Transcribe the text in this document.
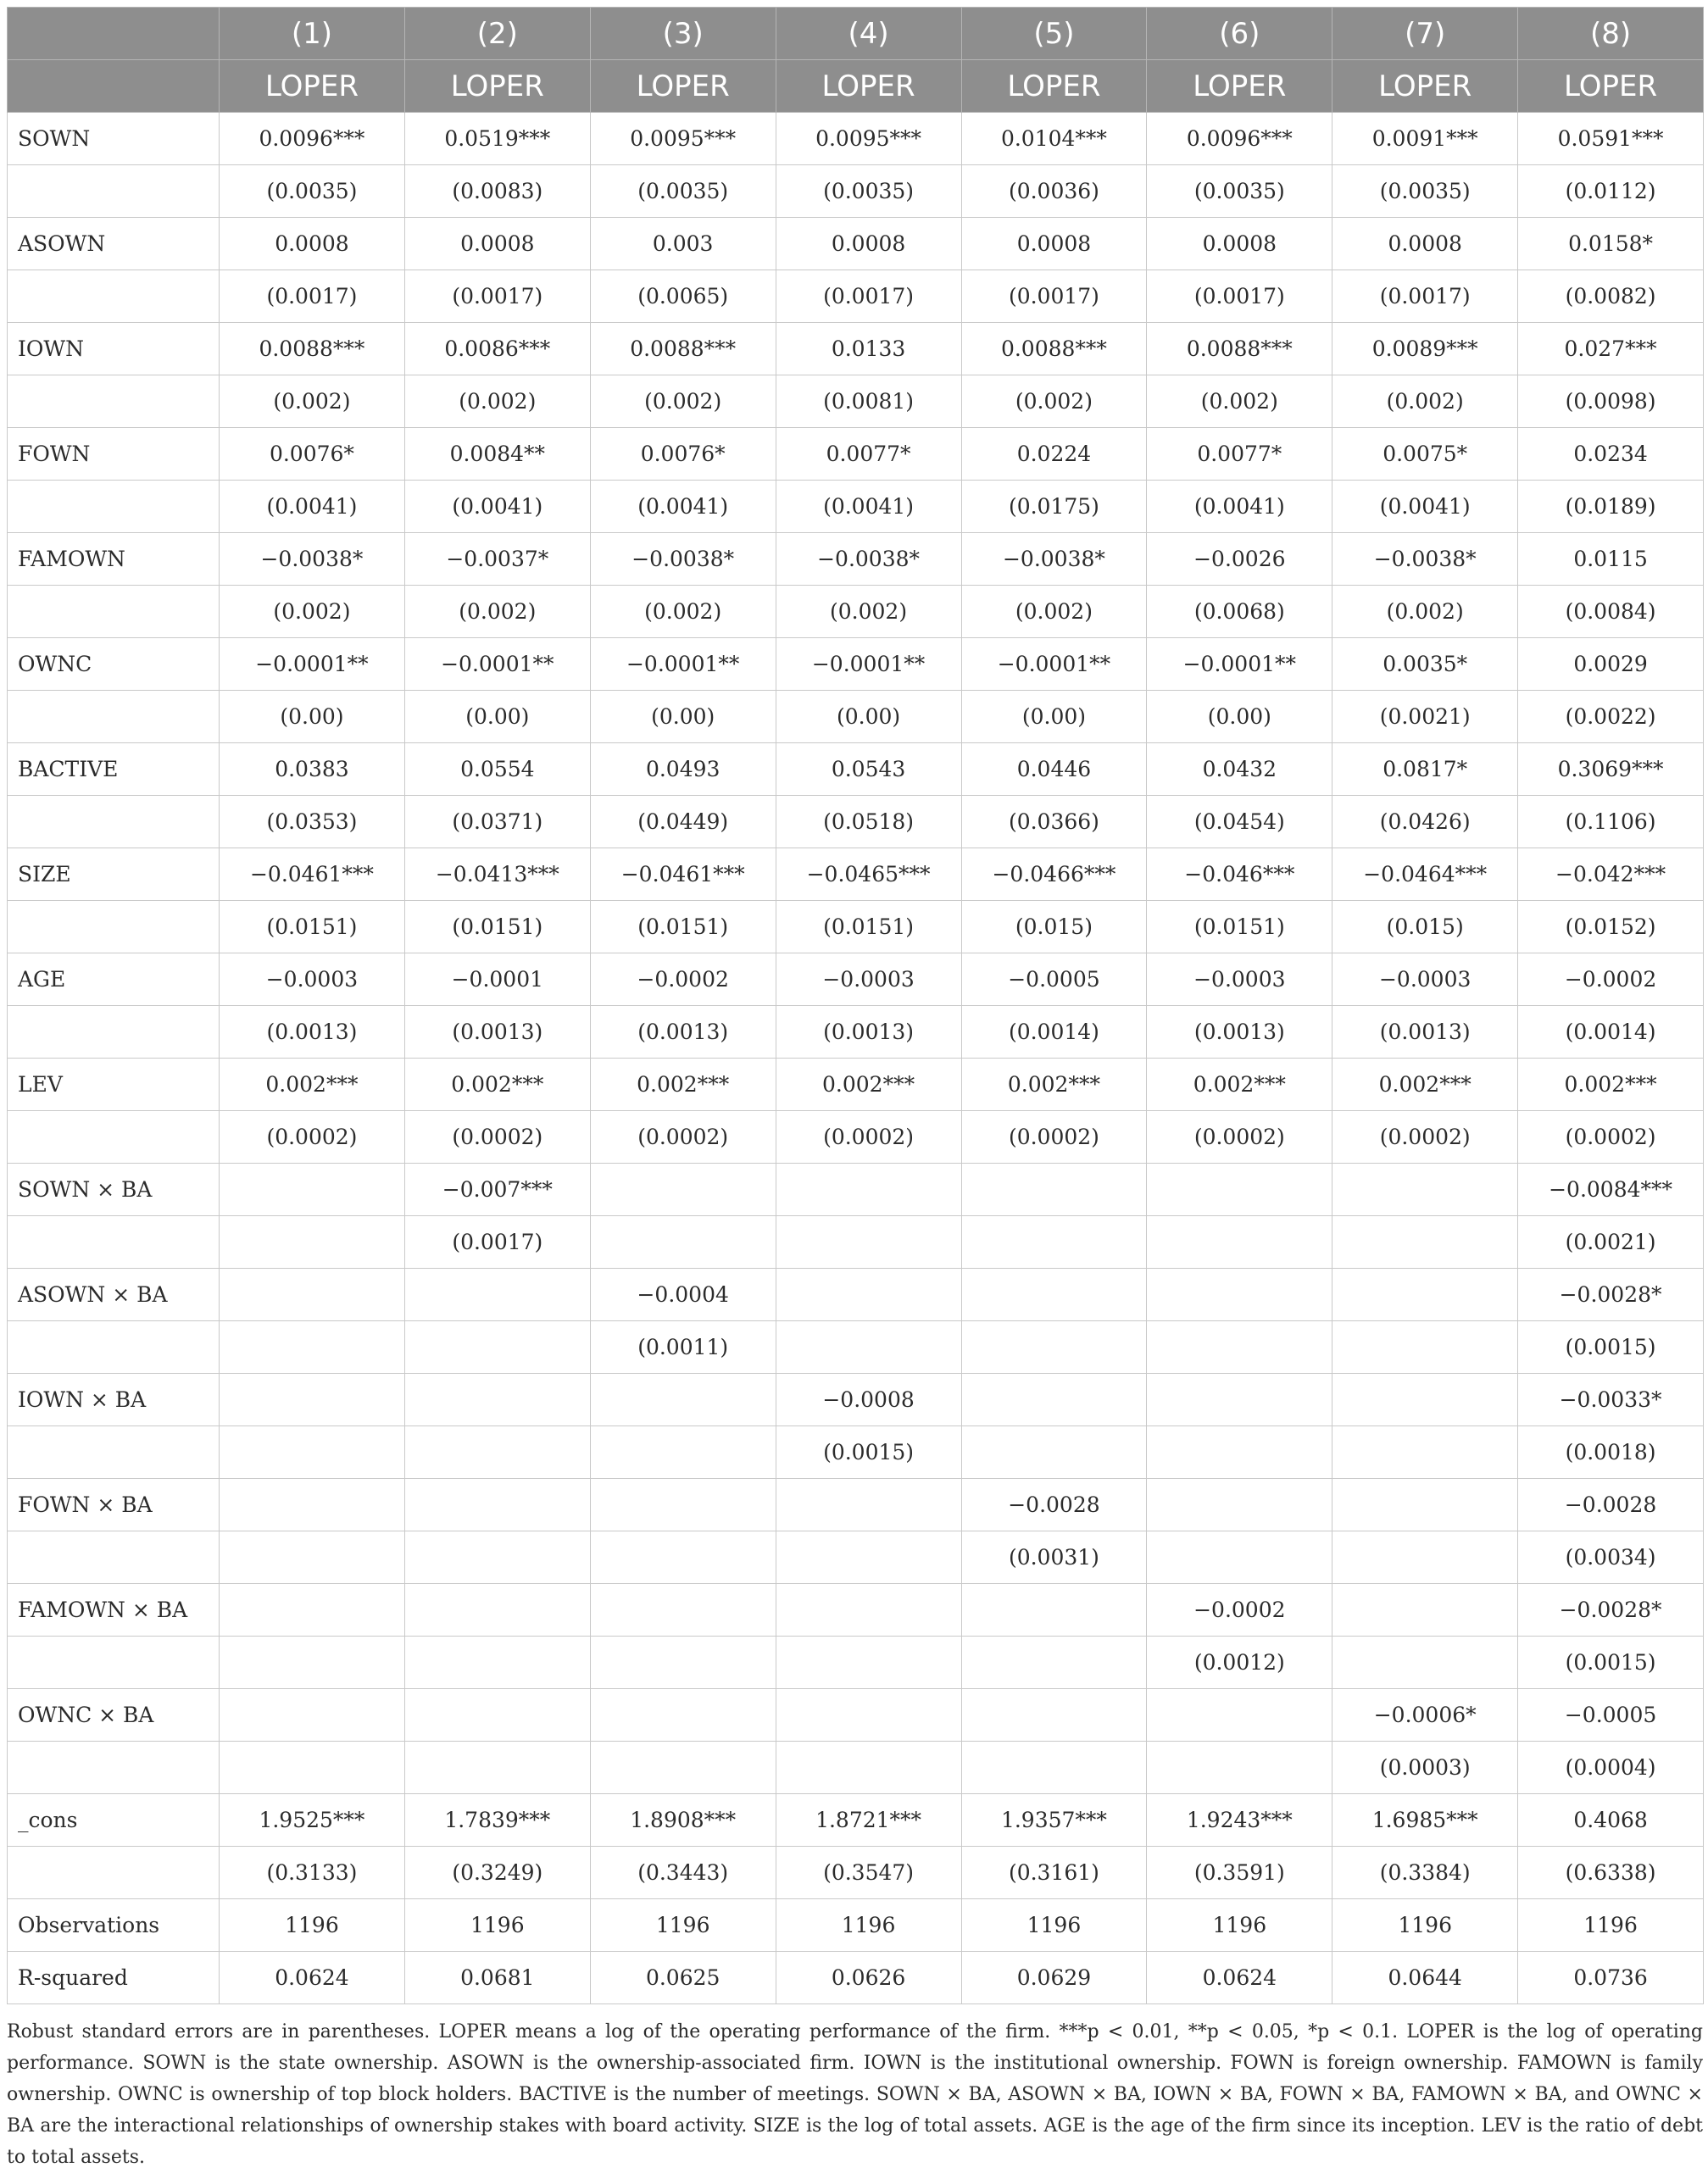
	(1)	(2)	(3)	(4)	(5)	(6)	(7)	(8)
	LOPER	LOPER	LOPER	LOPER	LOPER	LOPER	LOPER	LOPER
SOWN	0.0096***	0.0519***	0.0095***	0.0095***	0.0104***	0.0096***	0.0091***	0.0591***
	(0.0035)	(0.0083)	(0.0035)	(0.0035)	(0.0036)	(0.0035)	(0.0035)	(0.0112)
ASOWN	0.0008	0.0008	0.003	0.0008	0.0008	0.0008	0.0008	0.0158*
	(0.0017)	(0.0017)	(0.0065)	(0.0017)	(0.0017)	(0.0017)	(0.0017)	(0.0082)
IOWN	0.0088***	0.0086***	0.0088***	0.0133	0.0088***	0.0088***	0.0089***	0.027***
	(0.002)	(0.002)	(0.002)	(0.0081)	(0.002)	(0.002)	(0.002)	(0.0098)
FOWN	0.0076*	0.0084**	0.0076*	0.0077*	0.0224	0.0077*	0.0075*	0.0234
	(0.0041)	(0.0041)	(0.0041)	(0.0041)	(0.0175)	(0.0041)	(0.0041)	(0.0189)
FAMOWN	−0.0038*	−0.0037*	−0.0038*	−0.0038*	−0.0038*	−0.0026	−0.0038*	0.0115
	(0.002)	(0.002)	(0.002)	(0.002)	(0.002)	(0.0068)	(0.002)	(0.0084)
OWNC	−0.0001**	−0.0001**	−0.0001**	−0.0001**	−0.0001**	−0.0001**	0.0035*	0.0029
	(0.00)	(0.00)	(0.00)	(0.00)	(0.00)	(0.00)	(0.0021)	(0.0022)
BACTIVE	0.0383	0.0554	0.0493	0.0543	0.0446	0.0432	0.0817*	0.3069***
	(0.0353)	(0.0371)	(0.0449)	(0.0518)	(0.0366)	(0.0454)	(0.0426)	(0.1106)
SIZE	−0.0461***	−0.0413***	−0.0461***	−0.0465***	−0.0466***	−0.046***	−0.0464***	−0.042***
	(0.0151)	(0.0151)	(0.0151)	(0.0151)	(0.015)	(0.0151)	(0.015)	(0.0152)
AGE	−0.0003	−0.0001	−0.0002	−0.0003	−0.0005	−0.0003	−0.0003	−0.0002
	(0.0013)	(0.0013)	(0.0013)	(0.0013)	(0.0014)	(0.0013)	(0.0013)	(0.0014)
LEV	0.002***	0.002***	0.002***	0.002***	0.002***	0.002***	0.002***	0.002***
	(0.0002)	(0.0002)	(0.0002)	(0.0002)	(0.0002)	(0.0002)	(0.0002)	(0.0002)
SOWN × BA		−0.007***						−0.0084***
		(0.0017)						(0.0021)
ASOWN × BA			−0.0004					−0.0028*
			(0.0011)					(0.0015)
IOWN × BA				−0.0008				−0.0033*
				(0.0015)				(0.0018)
FOWN × BA					−0.0028			−0.0028
					(0.0031)			(0.0034)
FAMOWN × BA						−0.0002		−0.0028*
						(0.0012)		(0.0015)
OWNC × BA							−0.0006*	−0.0005
							(0.0003)	(0.0004)
_cons	1.9525***	1.7839***	1.8908***	1.8721***	1.9357***	1.9243***	1.6985***	0.4068
	(0.3133)	(0.3249)	(0.3443)	(0.3547)	(0.3161)	(0.3591)	(0.3384)	(0.6338)
Observations	1196	1196	1196	1196	1196	1196	1196	1196
R-squared	0.0624	0.0681	0.0625	0.0626	0.0629	0.0624	0.0644	0.0736
Robust standard errors are in parentheses. LOPER means a log of the operating performance of the firm. ***p < 0.01, **p < 0.05, *p < 0.1. LOPER is the log of operating performance. SOWN is the state ownership. ASOWN is the ownership-associated firm. IOWN is the institutional ownership. FOWN is foreign ownership. FAMOWN is family ownership. OWNC is ownership of top block holders. BACTIVE is the number of meetings. SOWN × BA, ASOWN × BA, IOWN × BA, FOWN × BA, FAMOWN × BA, and OWNC × BA are the interactional relationships of ownership stakes with board activity. SIZE is the log of total assets. AGE is the age of the firm since its inception. LEV is the ratio of debt to total assets.
